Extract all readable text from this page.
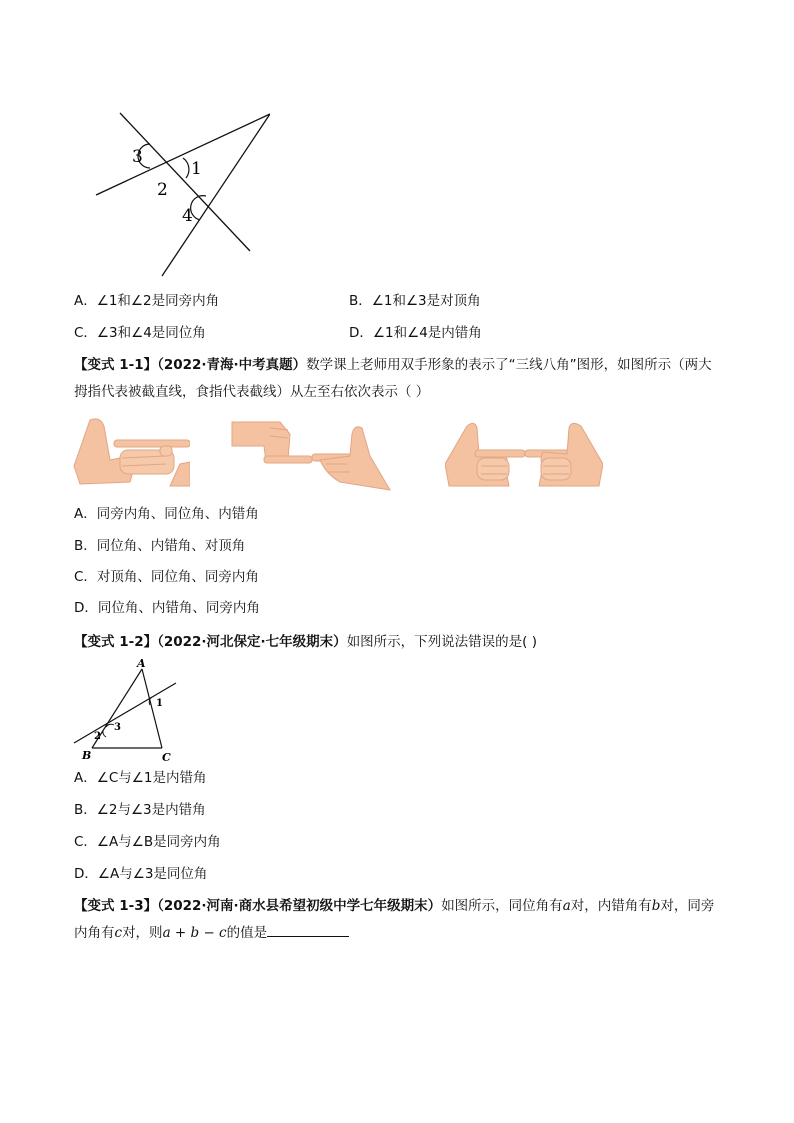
3
1
2
4
A．∠1和∠2是同旁内角	B．∠1和∠3是对顶角
C．∠3和∠4是同位角	D．∠1和∠4是内错角
【变式 1-1】（2022·青海·中考真题）数学课上老师用双手形象的表示了“三线八角”图形，如图所示（两大
拇指代表被截直线，食指代表截线）从左至右依次表示（ ）
A．同旁内角、同位角、内错角
B．同位角、内错角、对顶角
C．对顶角、同位角、同旁内角
D．同位角、内错角、同旁内角
【变式 1-2】（2022·河北保定·七年级期末）如图所示，下列说法错误的是( )
A
1
3
2
B	C
A．∠C与∠1是内错角
B．∠2与∠3是内错角
C．∠A与∠B是同旁内角
D．∠A与∠3是同位角
【变式 1-3】（2022·河南·商水县希望初级中学七年级期末）如图所示，同位角有a对，内错角有b对，同旁
内角有c对，则a + b − c的值是
